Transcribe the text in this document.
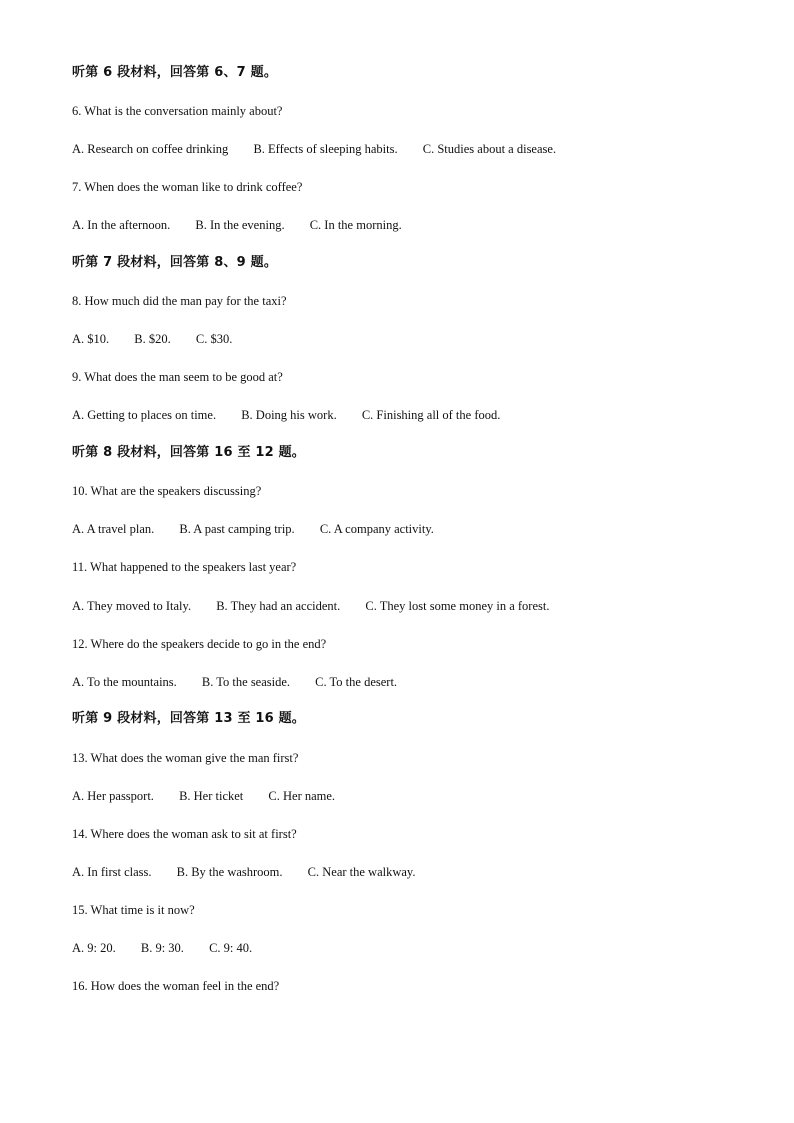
听第 6 段材料，回答第 6、7 题。
6. What is the conversation mainly about?
A. Research on coffee drinking B. Effects of sleeping habits. C. Studies about a disease.
7. When does the woman like to drink coffee?
A. In the afternoon. B. In the evening. C. In the morning.
听第 7 段材料，回答第 8、9 题。
8. How much did the man pay for the taxi?
A. $10. B. $20. C. $30.
9. What does the man seem to be good at?
A. Getting to places on time. B. Doing his work. C. Finishing all of the food.
听第 8 段材料，回答第 16 至 12 题。
10. What are the speakers discussing?
A. A travel plan. B. A past camping trip. C. A company activity.
11. What happened to the speakers last year?
A. They moved to Italy. B. They had an accident. C. They lost some money in a forest.
12. Where do the speakers decide to go in the end?
A. To the mountains. B. To the seaside. C. To the desert.
听第 9 段材料，回答第 13 至 16 题。
13. What does the woman give the man first?
A. Her passport. B. Her ticket C. Her name.
14. Where does the woman ask to sit at first?
A. In first class. B. By the washroom. C. Near the walkway.
15. What time is it now?
A. 9: 20. B. 9: 30. C. 9: 40.
16. How does the woman feel in the end?
